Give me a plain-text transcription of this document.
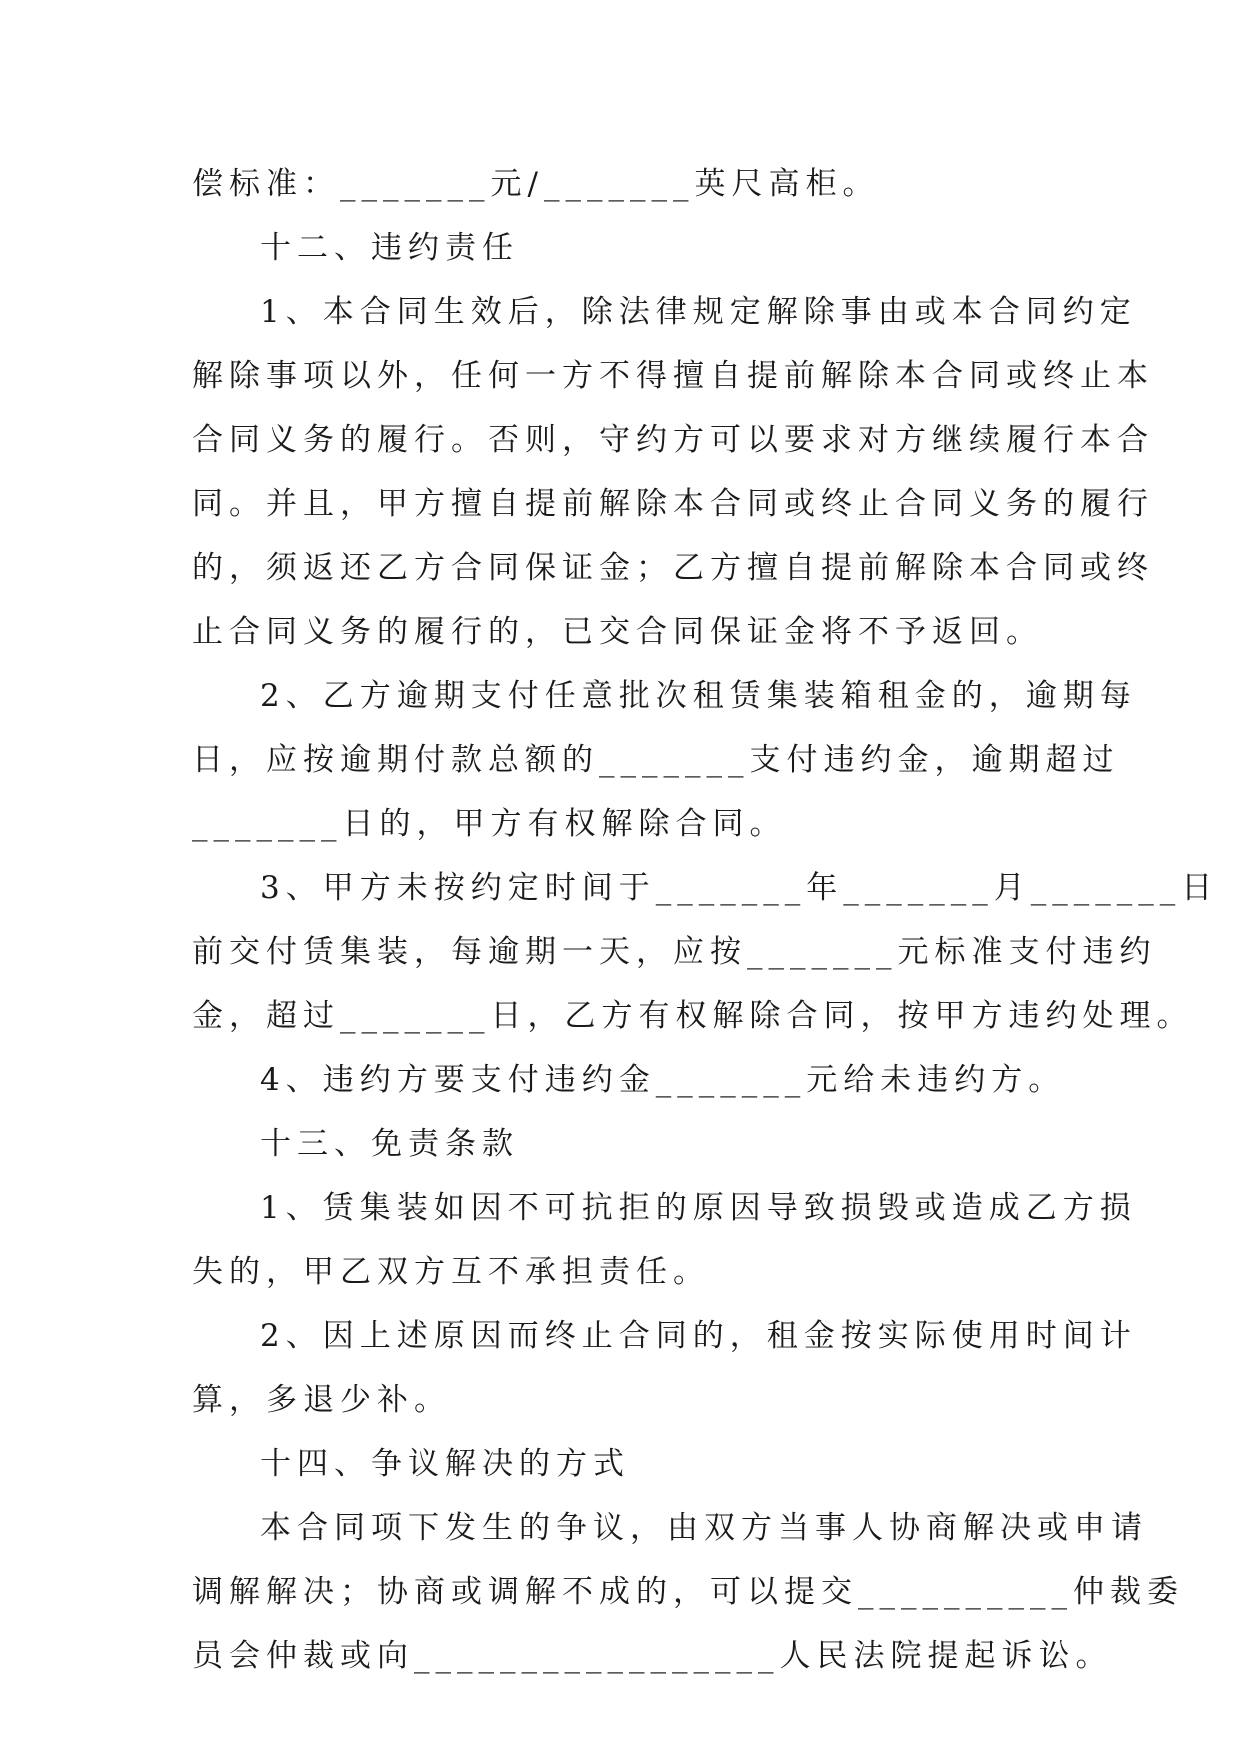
偿标准：_______元/_______英尺高柜。
十二、违约责任
1、本合同生效后，除法律规定解除事由或本合同约定
解除事项以外，任何一方不得擅自提前解除本合同或终止本
合同义务的履行。否则，守约方可以要求对方继续履行本合
同。并且，甲方擅自提前解除本合同或终止合同义务的履行
的，须返还乙方合同保证金；乙方擅自提前解除本合同或终
止合同义务的履行的，已交合同保证金将不予返回。
2、乙方逾期支付任意批次租赁集装箱租金的，逾期每
日，应按逾期付款总额的_______支付违约金，逾期超过
_______日的，甲方有权解除合同。
3、甲方未按约定时间于_______年_______月_______日
前交付赁集装，每逾期一天，应按_______元标准支付违约
金，超过_______日，乙方有权解除合同，按甲方违约处理。
4、违约方要支付违约金_______元给未违约方。
十三、免责条款
1、赁集装如因不可抗拒的原因导致损毁或造成乙方损
失的，甲乙双方互不承担责任。
2、因上述原因而终止合同的，租金按实际使用时间计
算，多退少补。
十四、争议解决的方式
本合同项下发生的争议，由双方当事人协商解决或申请
调解解决；协商或调解不成的，可以提交__________仲裁委
员会仲裁或向_________________人民法院提起诉讼。
